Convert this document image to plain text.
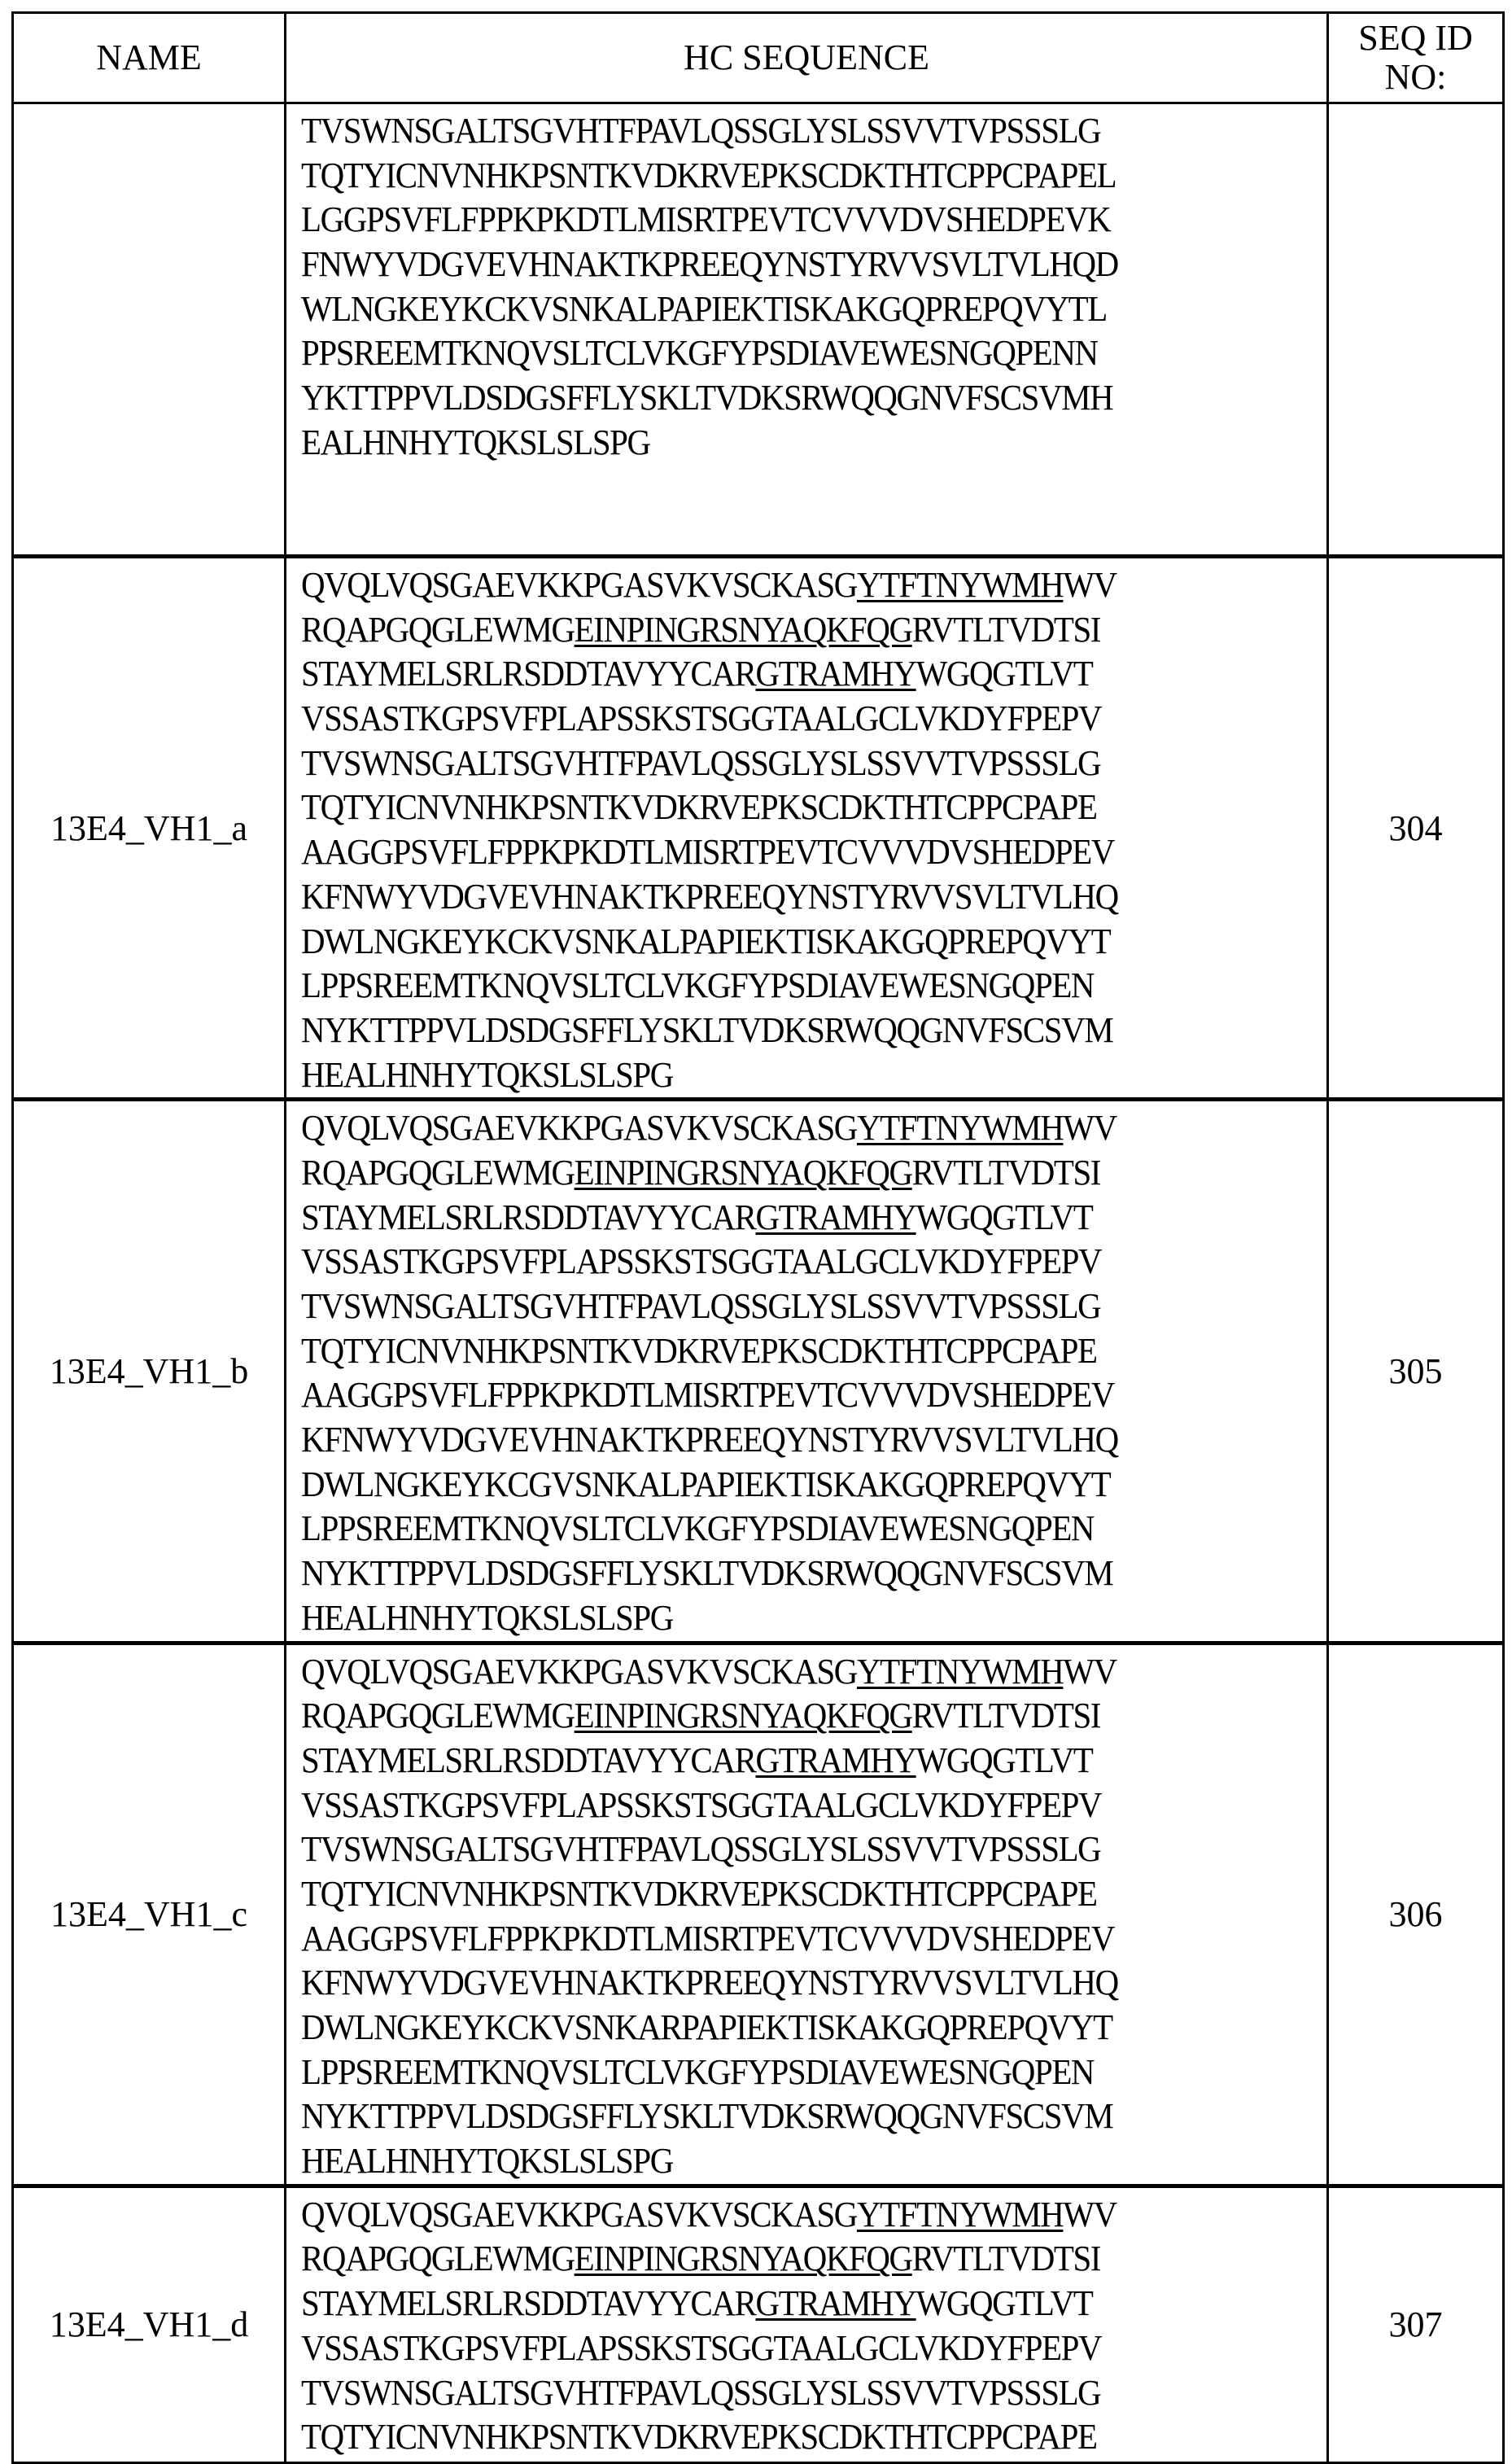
NAME	HC SEQUENCE	SEQ ID NO:

TVSWNSGALTSGVHTFPAVLQSSGLYSLSSVVTVPSSSLG
TQTYICNVNHKPSNTKVDKRVEPKSCDKTHTCPPCPAPEL
LGGPSVFLFPPKPKDTLMISRTPEVTCVVVDVSHEDPEVK
FNWYVDGVEVHNAKTKPREEQYNSTYRVVSVLTVLHQD
WLNGKEYKCKVSNKALPAPIEKTISKAKGQPREPQVYTL
PPSREEMTKNQVSLTCLVKGFYPSDIAVEWESNGQPENN
YKTTPPVLDSDGSFFLYSKLTVDKSRWQQGNVFSCSVMH
EALHNHYTQKSLSLSPG

13E4_VH1_a	
QVQLVQSGAEVKKPGASVKVSCKASGYTFTNYWMHWV
RQAPGQGLEWMGEINPINGRSNYAQKFQGRVTLTVDTSI
STAYMELSRLRSDDTAVYYCARGTRAMHYWGQGTLVT
VSSASTKGPSVFPLAPSSKSTSGGTAALGCLVKDYFPEPV
TVSWNSGALTSGVHTFPAVLQSSGLYSLSSVVTVPSSSLG
TQTYICNVNHKPSNTKVDKRVEPKSCDKTHTCPPCPAPE
AAGGPSVFLFPPKPKDTLMISRTPEVTCVVVDVSHEDPEV
KFNWYVDGVEVHNAKTKPREEQYNSTYRVVSVLTVLHQ
DWLNGKEYKCKVSNKALPAPIEKTISKAKGQPREPQVYT
LPPSREEMTKNQVSLTCLVKGFYPSDIAVEWESNGQPEN
NYKTTPPVLDSDGSFFLYSKLTVDKSRWQQGNVFSCSVM
HEALHNHYTQKSLSLSPG
	304
13E4_VH1_b	
QVQLVQSGAEVKKPGASVKVSCKASGYTFTNYWMHWV
RQAPGQGLEWMGEINPINGRSNYAQKFQGRVTLTVDTSI
STAYMELSRLRSDDTAVYYCARGTRAMHYWGQGTLVT
VSSASTKGPSVFPLAPSSKSTSGGTAALGCLVKDYFPEPV
TVSWNSGALTSGVHTFPAVLQSSGLYSLSSVVTVPSSSLG
TQTYICNVNHKPSNTKVDKRVEPKSCDKTHTCPPCPAPE
AAGGPSVFLFPPKPKDTLMISRTPEVTCVVVDVSHEDPEV
KFNWYVDGVEVHNAKTKPREEQYNSTYRVVSVLTVLHQ
DWLNGKEYKCGVSNKALPAPIEKTISKAKGQPREPQVYT
LPPSREEMTKNQVSLTCLVKGFYPSDIAVEWESNGQPEN
NYKTTPPVLDSDGSFFLYSKLTVDKSRWQQGNVFSCSVM
HEALHNHYTQKSLSLSPG
	305
13E4_VH1_c	
QVQLVQSGAEVKKPGASVKVSCKASGYTFTNYWMHWV
RQAPGQGLEWMGEINPINGRSNYAQKFQGRVTLTVDTSI
STAYMELSRLRSDDTAVYYCARGTRAMHYWGQGTLVT
VSSASTKGPSVFPLAPSSKSTSGGTAALGCLVKDYFPEPV
TVSWNSGALTSGVHTFPAVLQSSGLYSLSSVVTVPSSSLG
TQTYICNVNHKPSNTKVDKRVEPKSCDKTHTCPPCPAPE
AAGGPSVFLFPPKPKDTLMISRTPEVTCVVVDVSHEDPEV
KFNWYVDGVEVHNAKTKPREEQYNSTYRVVSVLTVLHQ
DWLNGKEYKCKVSNKARPAPIEKTISKAKGQPREPQVYT
LPPSREEMTKNQVSLTCLVKGFYPSDIAVEWESNGQPEN
NYKTTPPVLDSDGSFFLYSKLTVDKSRWQQGNVFSCSVM
HEALHNHYTQKSLSLSPG
	306
13E4_VH1_d	
QVQLVQSGAEVKKPGASVKVSCKASGYTFTNYWMHWV
RQAPGQGLEWMGEINPINGRSNYAQKFQGRVTLTVDTSI
STAYMELSRLRSDDTAVYYCARGTRAMHYWGQGTLVT
VSSASTKGPSVFPLAPSSKSTSGGTAALGCLVKDYFPEPV
TVSWNSGALTSGVHTFPAVLQSSGLYSLSSVVTVPSSSLG
TQTYICNVNHKPSNTKVDKRVEPKSCDKTHTCPPCPAPE
	307
